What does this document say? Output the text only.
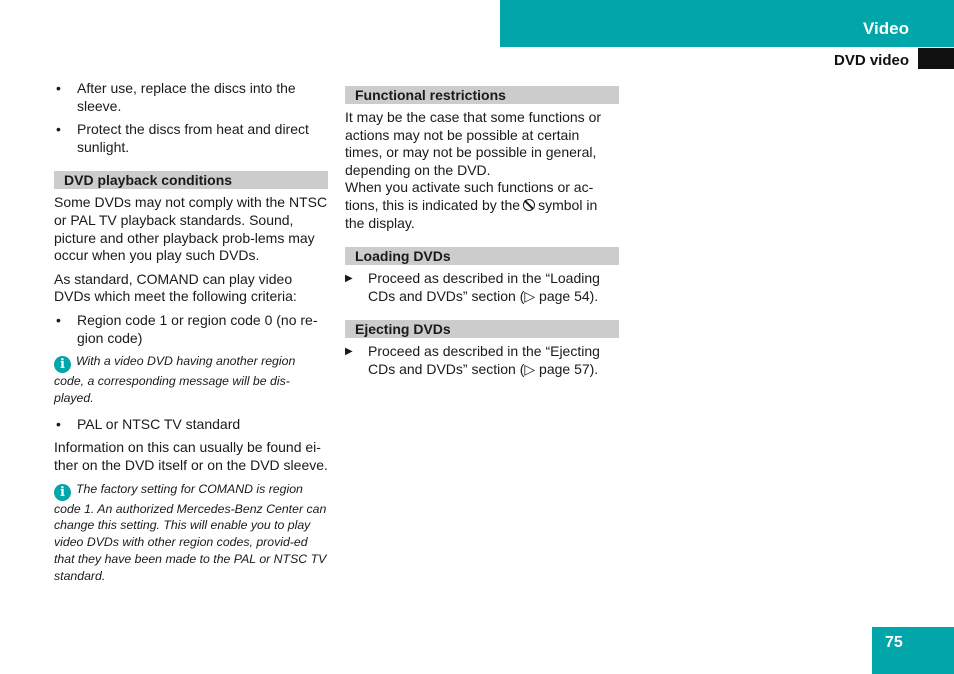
Video
DVD video
• After use, replace the discs into the sleeve.
• Protect the discs from heat and direct sunlight.
DVD playback conditions

Some DVDs may not comply with the NTSC or PAL TV playback standards. Sound, picture and other playback prob-lems may occur when you play such DVDs.

As standard, COMAND can play video DVDs which meet the following criteria:

• Region code 1 or region code 0 (no re-gion code)
i With a video DVD having another region code, a corresponding message will be dis-played.
• PAL or NTSC TV standard

Information on this can usually be found ei-ther on the DVD itself or on the DVD sleeve.

i The factory setting for COMAND is region code 1. An authorized Mercedes-Benz Center can change this setting. This will enable you to play video DVDs with other region codes, provid-ed that they have been made to the PAL or NTSC TV standard.
Functional restrictions

It may be the case that some functions or actions may not be possible at certain times, or may not be possible in general, depending on the DVD.

When you activate such functions or ac-tions, this is indicated by the symbol in the display.

Loading DVDs
▶ Proceed as described in the “Loading CDs and DVDs” section (▷ page 54).
Ejecting DVDs
▶ Proceed as described in the “Ejecting CDs and DVDs” section (▷ page 57).
75
